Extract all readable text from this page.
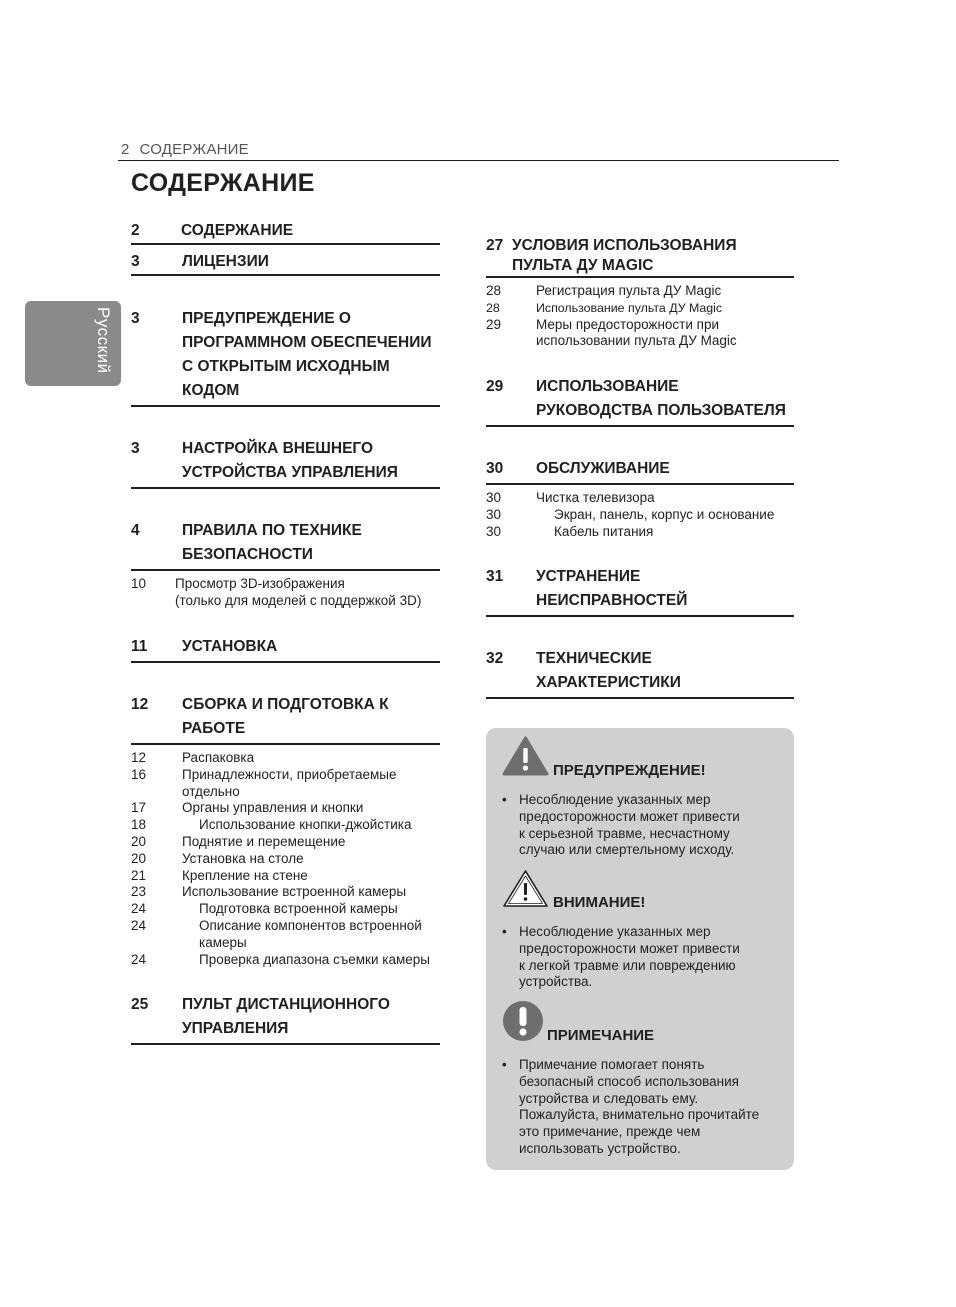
2 СОДЕРЖАНИЕ
СОДЕРЖАНИЕ
Русский
2	СОДЕРЖАНИЕ
3	ЛИЦЕНЗИИ
3	ПРЕДУПРЕЖДЕНИЕ О
ПРОГРАММНОМ ОБЕСПЕЧЕНИИ
С ОТКРЫТЫМ ИСХОДНЫМ
КОДОМ
3	НАСТРОЙКА ВНЕШНЕГО
УСТРОЙСТВА УПРАВЛЕНИЯ
4	ПРАВИЛА ПО ТЕХНИКЕ
БЕЗОПАСНОСТИ
10 Просмотр 3D-изображения
(только для моделей с поддержкой 3D)
11 УСТАНОВКА
12 СБОРКА И ПОДГОТОВКА К
РАБОТЕ
12	Распаковка
16	Принадлежности, приобретаемые
отдельно
17	Органы управления и кнопки
18	Использование кнопки-джойстика
20	Поднятие и перемещение
20	Установка на столе
21	Крепление на стене
23	Использование встроенной камеры
24	Подготовка встроенной камеры
24	Описание компонентов встроенной
камеры
24	Проверка диапазона съемки камеры
25 ПУЛЬТ ДИСТАНЦИОННОГО
УПРАВЛЕНИЯ
27 УСЛОВИЯ ИСПОЛЬЗОВАНИЯ
ПУЛЬТА ДУ MAGIC
28	Регистрация пульта ДУ Magic
28	Использование пульта ДУ Magic
29	Меры предосторожности при
использовании пульта ДУ Magic
29 ИСПОЛЬЗОВАНИЕ
РУКОВОДСТВА ПОЛЬЗОВАТЕЛЯ
30 ОБСЛУЖИВАНИЕ
30	Чистка телевизора
30	Экран, панель, корпус и основание
30	Кабель питания
31 УСТРАНЕНИЕ
НЕИСПРАВНОСТЕЙ
32 ТЕХНИЧЕСКИЕ
ХАРАКТЕРИСТИКИ
ПРЕДУПРЕЖДЕНИЕ!
• Несоблюдение указанных мер
предосторожности может привести
к серьезной травме, несчастному
случаю или смертельному исходу.
ВНИМАНИЕ!
• Несоблюдение указанных мер
предосторожности может привести
к легкой травме или повреждению
устройства.
ПРИМЕЧАНИЕ
• Примечание помогает понять
безопасный способ использования
устройства и следовать ему.
Пожалуйста, внимательно прочитайте
это примечание, прежде чем
использовать устройство.
